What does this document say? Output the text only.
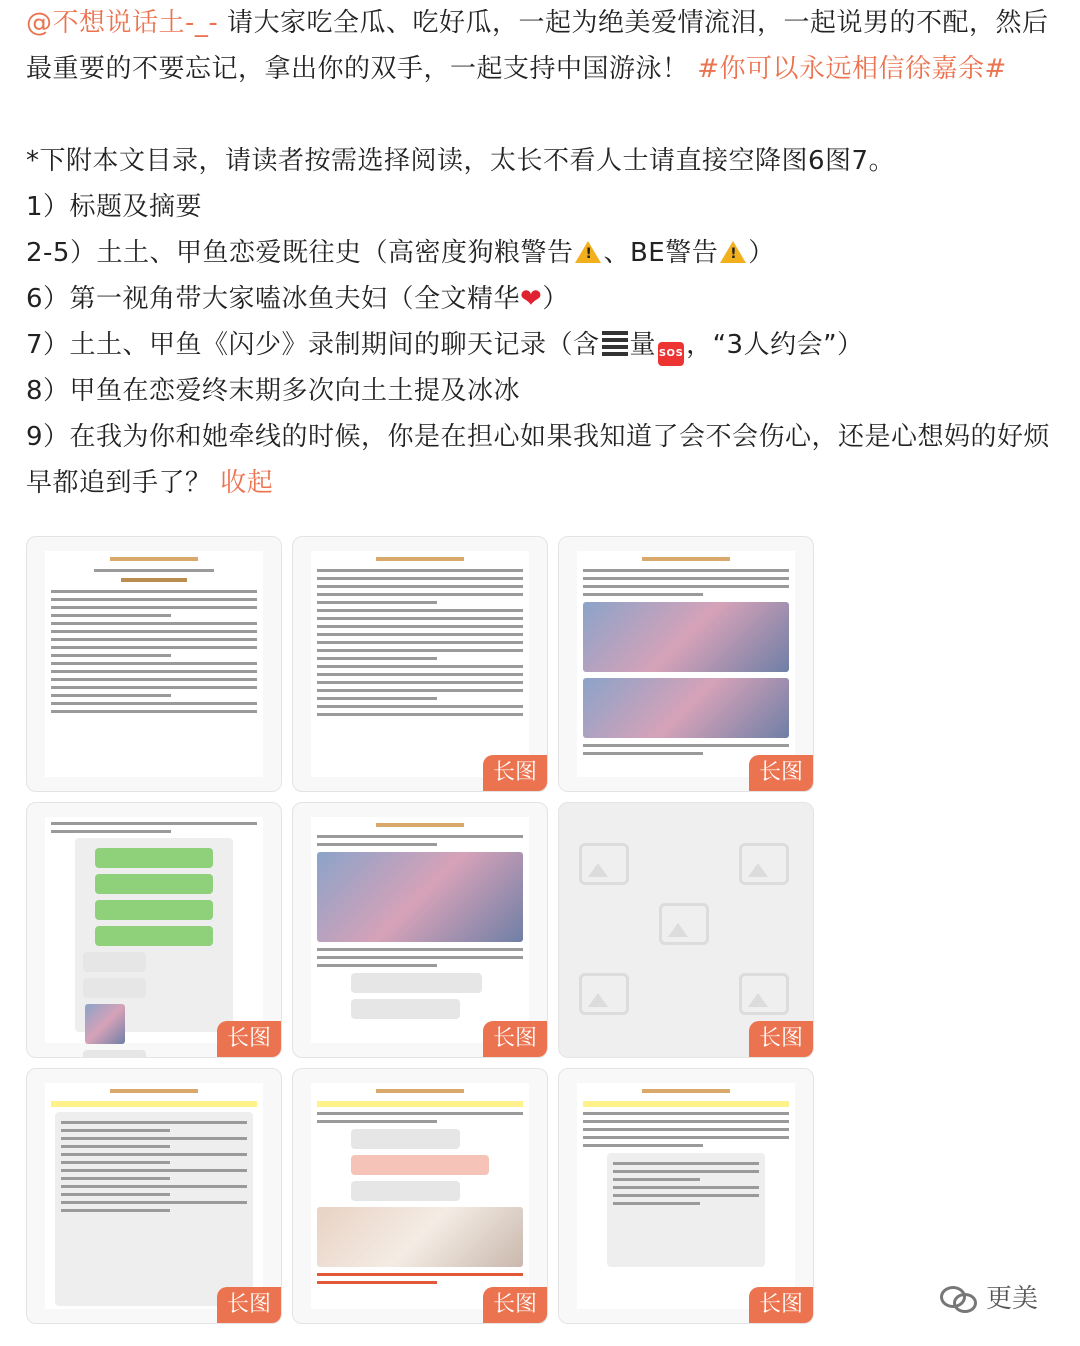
@不想说话土-_- 请大家吃全瓜、吃好瓜，一起为绝美爱情流泪，一起说男的不配，然后最重要的不要忘记，拿出你的双手，一起支持中国游泳！ #你可以永远相信徐嘉余#

*下附本文目录，请读者按需选择阅读，太长不看人士请直接空降图6图7。

1）标题及摘要

2-5）土土、甲鱼恋爱既往史（高密度狗粮警告 ! 、BE警告 ! ）

6）第一视角带大家嗑冰鱼夫妇（全文精华❤）

7）土土、甲鱼《闪少》录制期间的聊天记录（含 量 SOS ，“3人约会”）

8）甲鱼在恋爱终末期多次向土土提及冰冰

9）在我为你和她牵线的时候，你是在担心如果我知道了会不会伤心，还是心想妈的好烦早都追到手了？ 收起

长图	长图
长图	长图	长图
长图	长图	长图	更美
